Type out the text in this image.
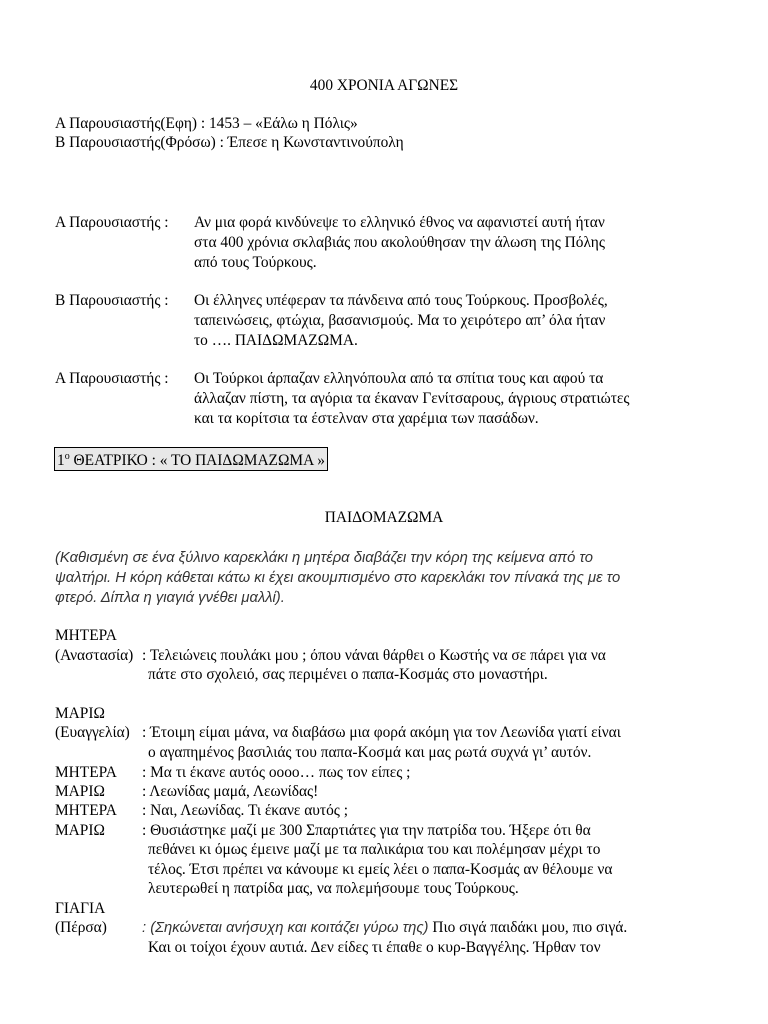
400 ΧΡΟΝΙΑ ΑΓΩΝΕΣ
Α Παρουσιαστής(Εφη) : 1453 – «Εάλω η Πόλις»
Β Παρουσιαστής(Φρόσω) : Έπεσε η Κωνσταντινούπολη
Α Παρουσιαστής : Αν μια φορά κινδύνεψε το ελληνικό έθνος να αφανιστεί αυτή ήταν
στα 400 χρόνια σκλαβιάς που ακολούθησαν την άλωση της Πόλης
από τους Τούρκους.
Β Παρουσιαστής : Οι έλληνες υπέφεραν τα πάνδεινα από τους Τούρκους. Προσβολές,
ταπεινώσεις, φτώχια, βασανισμούς. Μα το χειρότερο απ’ όλα ήταν
το …. ΠΑΙΔΩΜΑΖΩΜΑ.
Α Παρουσιαστής : Οι Τούρκοι άρπαζαν ελληνόπουλα από τα σπίτια τους και αφού τα
άλλαζαν πίστη, τα αγόρια τα έκαναν Γενίτσαρους, άγριους στρατιώτες
και τα κορίτσια τα έστελναν στα χαρέμια των πασάδων.
$1^o$ ΘΕΑΤΡΙΚΟ : « ΤΟ ΠΑΙΔΩΜΑΖΩΜΑ »
ΠΑΙΔΟΜΑΖΩΜΑ
(Καθισμένη σε ένα ξύλινο καρεκλάκι η μητέρα διαβάζει την κόρη της κείμενα από το
ψαλτήρι. Η κόρη κάθεται κάτω κι έχει ακουμπισμένο στο καρεκλάκι τον πίνακά της με το
φτερό. Δίπλα η γιαγιά γνέθει μαλλί).
ΜΗΤΕΡΑ
(Αναστασία) : Τελειώνεις πουλάκι μου ; όπου νάναι θάρθει ο Κωστής να σε πάρει για να
πάτε στο σχολειό, σας περιμένει ο παπα-Κοσμάς στο μοναστήρι.
ΜΑΡΙΩ
(Ευαγγελία) : Έτοιμη είμαι μάνα, να διαβάσω μια φορά ακόμη για τον Λεωνίδα γιατί είναι
ο αγαπημένος βασιλιάς του παπα-Κοσμά και μας ρωτά συχνά γι’ αυτόν.
ΜΗΤΕΡΑ : Μα τι έκανε αυτός οοοο… πως τον είπες ;
ΜΑΡΙΩ : Λεωνίδας μαμά, Λεωνίδας!
ΜΗΤΕΡΑ : Ναι, Λεωνίδας. Τι έκανε αυτός ;
ΜΑΡΙΩ : Θυσιάστηκε μαζί με 300 Σπαρτιάτες για την πατρίδα του. Ήξερε ότι θα
πεθάνει κι όμως έμεινε μαζί με τα παλικάρια του και πολέμησαν μέχρι το
τέλος. Έτσι πρέπει να κάνουμε κι εμείς λέει ο παπα-Κοσμάς αν θέλουμε να
λευτερωθεί η πατρίδα μας, να πολεμήσουμε τους Τούρκους.
ΓΙΑΓΙΑ
(Πέρσα) : (Σηκώνεται ανήσυχη και κοιτάζει γύρω της) Πιο σιγά παιδάκι μου, πιο σιγά.
Και οι τοίχοι έχουν αυτιά. Δεν είδες τι έπαθε ο κυρ-Βαγγέλης. Ήρθαν τον
